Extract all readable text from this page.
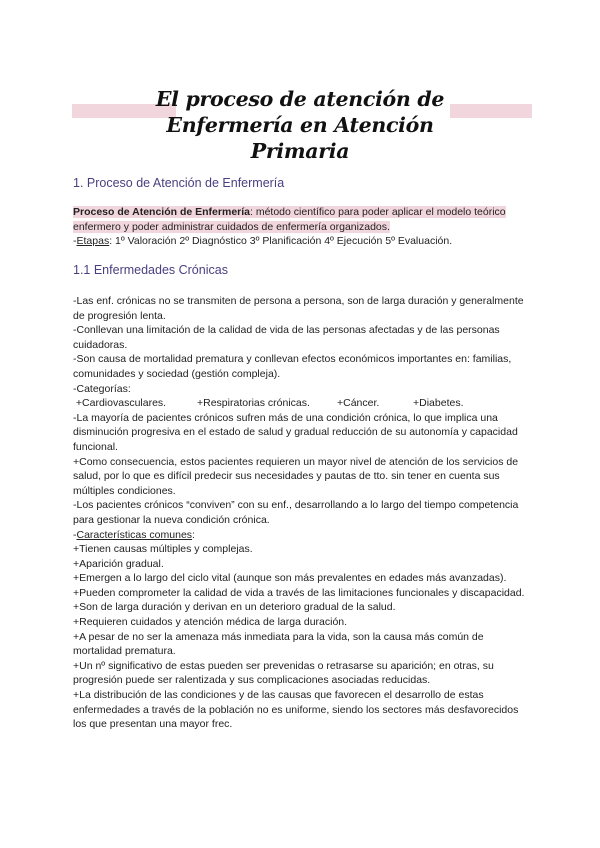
El proceso de atención de
Enfermería en Atención Primaria
1. Proceso de Atención de Enfermería
Proceso de Atención de Enfermería: método científico para poder aplicar el modelo teórico enfermero y poder administrar cuidados de enfermería organizados.
-Etapas: 1º Valoración 2º Diagnóstico 3º Planificación 4º Ejecución 5º Evaluación.
1.1 Enfermedades Crónicas

-Las enf. crónicas no se transmiten de persona a persona, son de larga duración y generalmente de progresión lenta.

-Conllevan una limitación de la calidad de vida de las personas afectadas y de las personas cuidadoras.

-Son causa de mortalidad prematura y conllevan efectos económicos importantes en: familias, comunidades y sociedad (gestión compleja).

-Categorías:

+Cardiovasculares.	+Respiratorias crónicas.	+Cáncer.	+Diabetes.

-La mayoría de pacientes crónicos sufren más de una condición crónica, lo que implica una disminución progresiva en el estado de salud y gradual reducción de su autonomía y capacidad funcional.

+Como consecuencia, estos pacientes requieren un mayor nivel de atención de los servicios de salud, por lo que es difícil predecir sus necesidades y pautas de tto. sin tener en cuenta sus múltiples condiciones.

-Los pacientes crónicos “conviven” con su enf., desarrollando a lo largo del tiempo competencia para gestionar la nueva condición crónica.

-Características comunes:

+Tienen causas múltiples y complejas.

+Aparición gradual.

+Emergen a lo largo del ciclo vital (aunque son más prevalentes en edades más avanzadas).

+Pueden comprometer la calidad de vida a través de las limitaciones funcionales y discapacidad.

+Son de larga duración y derivan en un deterioro gradual de la salud.

+Requieren cuidados y atención médica de larga duración.

+A pesar de no ser la amenaza más inmediata para la vida, son la causa más común de mortalidad prematura.

+Un nº significativo de estas pueden ser prevenidas o retrasarse su aparición; en otras, su progresión puede ser ralentizada y sus complicaciones asociadas reducidas.

+La distribución de las condiciones y de las causas que favorecen el desarrollo de estas enfermedades a través de la población no es uniforme, siendo los sectores más desfavorecidos los que presentan una mayor frec.
